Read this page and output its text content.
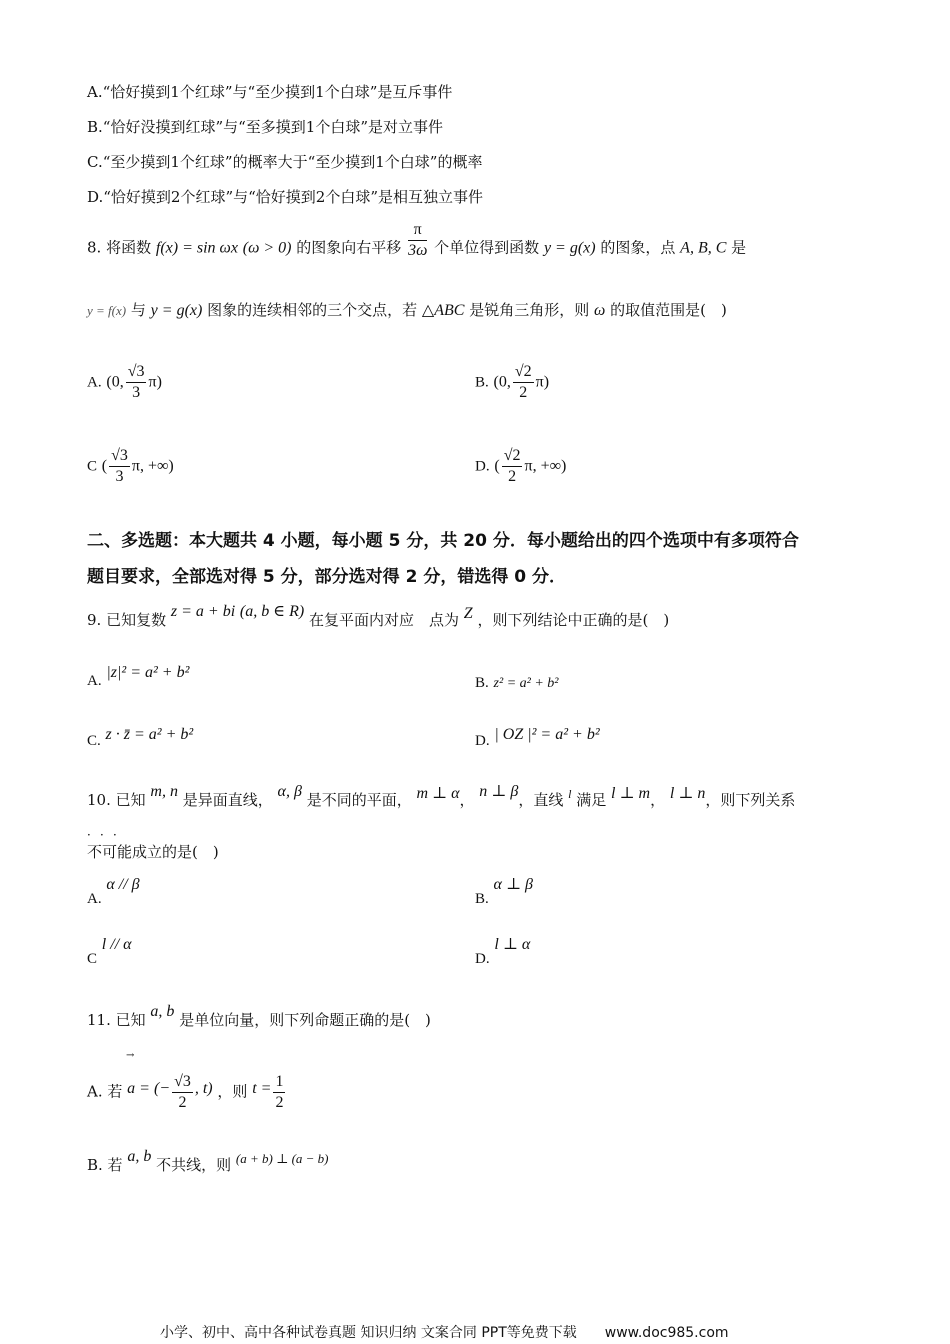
A.“恰好摸到1个红球”与“至少摸到1个白球”是互斥事件
B.“恰好没摸到红球”与“至多摸到1个白球”是对立事件
C.“至少摸到1个红球”的概率大于“至少摸到1个白球”的概率
D.“恰好摸到2个红球”与“恰好摸到2个白球”是相互独立事件
8. 将函数 f(x) = sin ωx (ω > 0) 的图象向右平移 $\frac{\pi}{3\omega}$ 个单位得到函数 y = g(x) 的图象，点 A, B, C 是
y = f(x) 与 y = g(x) 图象的连续相邻的三个交点，若 △ABC 是锐角三角形，则 ω 的取值范围是(　)
A. (0, $\frac{√3}{3} \pi$)	B. (0, $\frac{√2}{2} \pi$)
C ( $\frac{√3}{3} \pi$, +∞)	D. ( $\frac{√2}{2} \pi$, +∞)
二、多选题：本大题共 4 小题，每小题 5 分，共 20 分．每小题给出的四个选项中有多项符合
题目要求，全部选对得 5 分，部分选对得 2 分，错选得 0 分．
9. 已知复数 z = a + bi (a, b ∈ R) 在复平面内对应　点为 Z ，则下列结论中正确的是(　)
A. |z|² = a² + b²
B. z² = a² + b²
C. z · z̄ = a² + b²	D. | OZ |² = a² + b²
10. 已知 m, n 是异面直线， α, β 是不同的平面， m ⊥ α， n ⊥ β，直线 $^l$ 满足 l ⊥ m， l ⊥ n，则下列关系
．．．
不可能成立的是(　)
A. α // β
B. α ⊥ β
C l // α
D. l ⊥ α
11. 已知 a, b 是单位向量，则下列命题正确的是(　)
A. 若 a = (− $\frac{√3}{2}$ , t) ，则 $t = \frac{1}{2}$
→
B. 若 a, b 不共线，则 (a + b) ⊥ (a − b)
小学、初中、高中各种试卷真题 知识归纳 文案合同 PPT等免费下载　　www.doc985.com
